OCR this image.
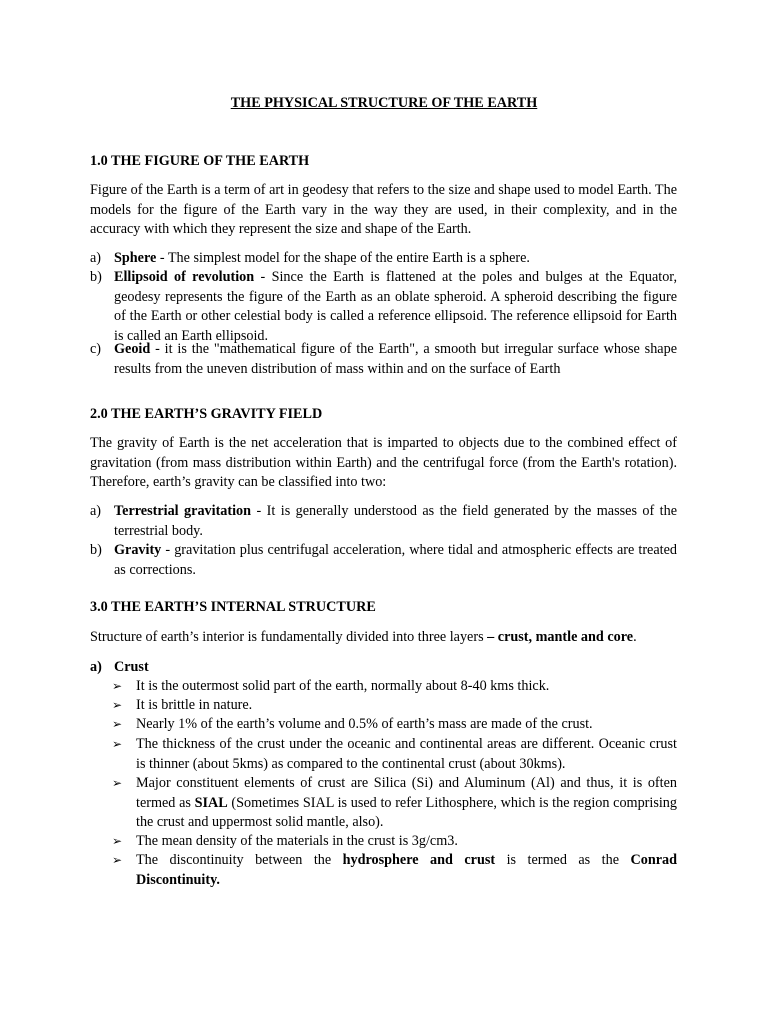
THE PHYSICAL STRUCTURE OF THE EARTH
1.0 THE FIGURE OF THE EARTH
Figure of the Earth is a term of art in geodesy that refers to the size and shape used to model Earth. The models for the figure of the Earth vary in the way they are used, in their complexity, and in the accuracy with which they represent the size and shape of the Earth.
a) Sphere - The simplest model for the shape of the entire Earth is a sphere.
b) Ellipsoid of revolution - Since the Earth is flattened at the poles and bulges at the Equator, geodesy represents the figure of the Earth as an oblate spheroid. A spheroid describing the figure of the Earth or other celestial body is called a reference ellipsoid. The reference ellipsoid for Earth is called an Earth ellipsoid.
c) Geoid - it is the "mathematical figure of the Earth", a smooth but irregular surface whose shape results from the uneven distribution of mass within and on the surface of Earth
2.0 THE EARTH’S GRAVITY FIELD
The gravity of Earth is the net acceleration that is imparted to objects due to the combined effect of gravitation (from mass distribution within Earth) and the centrifugal force (from the Earth's rotation). Therefore, earth’s gravity can be classified into two:
a) Terrestrial gravitation - It is generally understood as the field generated by the masses of the terrestrial body.
b) Gravity - gravitation plus centrifugal acceleration, where tidal and atmospheric effects are treated as corrections.
3.0 THE EARTH’S INTERNAL STRUCTURE
Structure of earth’s interior is fundamentally divided into three layers – crust, mantle and core.
a) Crust
➢ It is the outermost solid part of the earth, normally about 8-40 kms thick.
➢ It is brittle in nature.
➢ Nearly 1% of the earth’s volume and 0.5% of earth’s mass are made of the crust.
➢ The thickness of the crust under the oceanic and continental areas are different. Oceanic crust is thinner (about 5kms) as compared to the continental crust (about 30kms).
➢ Major constituent elements of crust are Silica (Si) and Aluminum (Al) and thus, it is often termed as SIAL (Sometimes SIAL is used to refer Lithosphere, which is the region comprising the crust and uppermost solid mantle, also).
➢ The mean density of the materials in the crust is 3g/cm3.
➢ The discontinuity between the hydrosphere and crust is termed as the Conrad Discontinuity.
